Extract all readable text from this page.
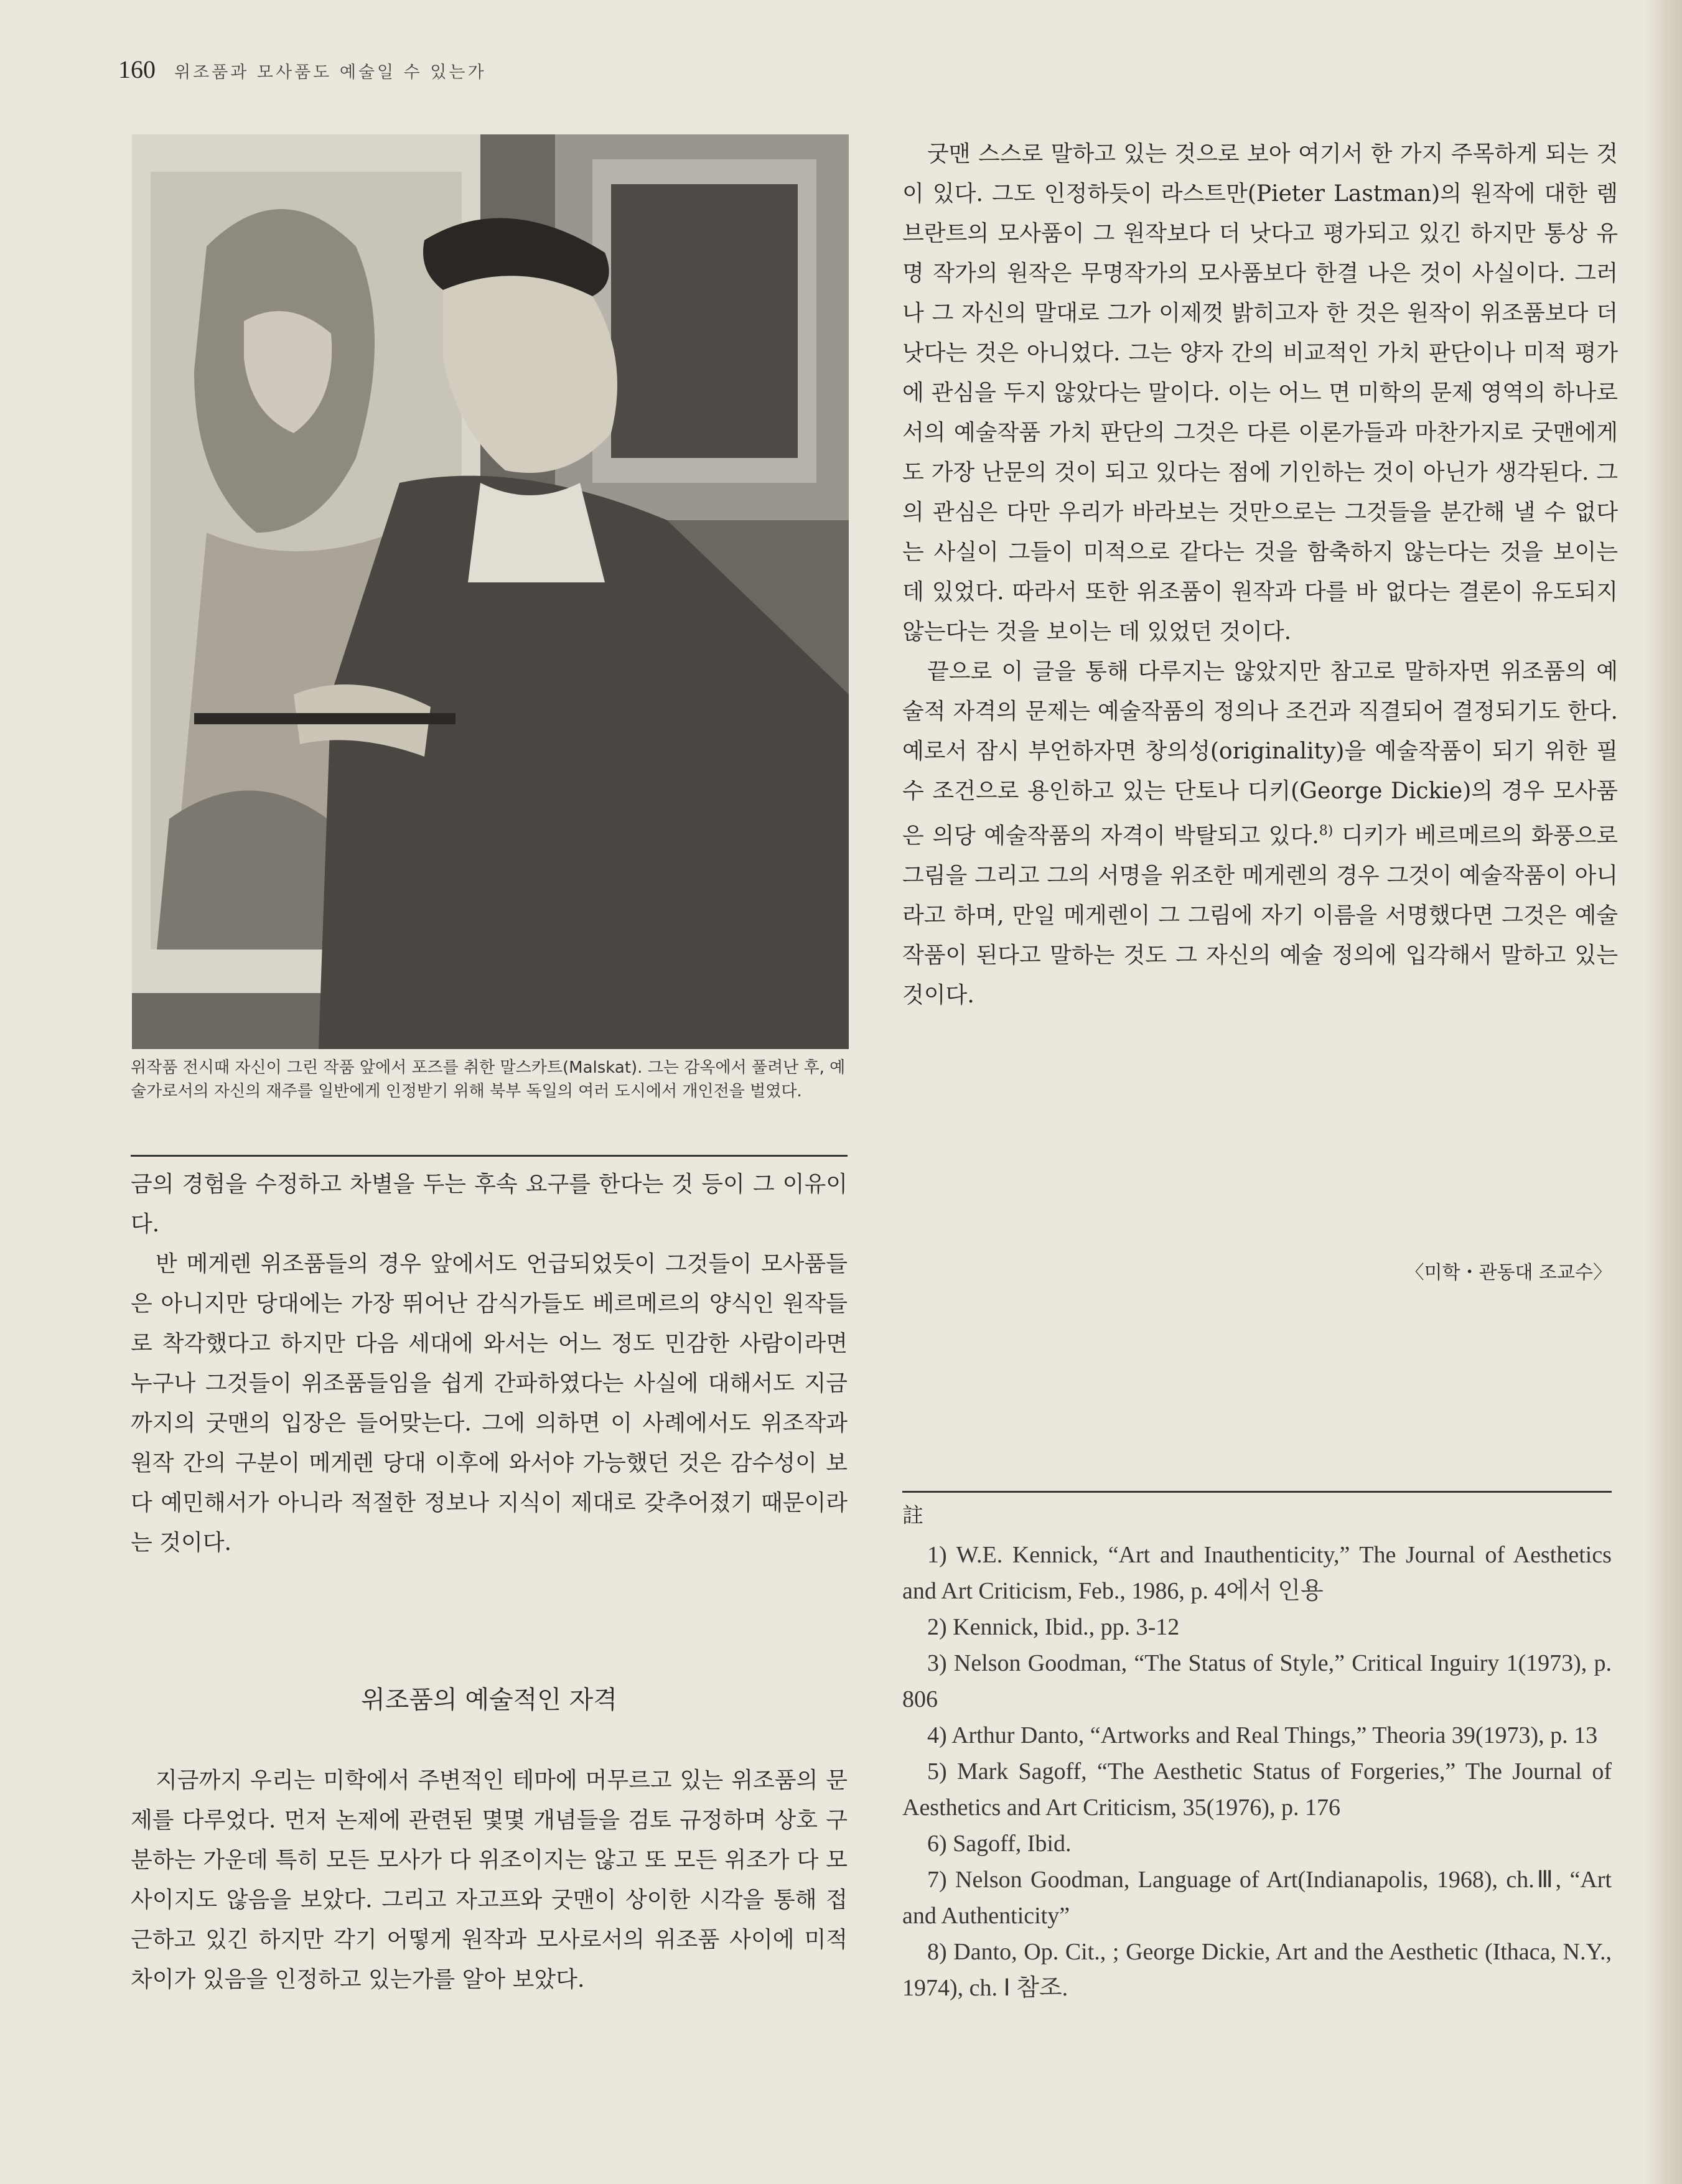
160 위조품과 모사품도 예술일 수 있는가
위작품 전시때 자신이 그린 작품 앞에서 포즈를 취한 말스카트(Malskat). 그는 감옥에서 풀려난 후, 예술가로서의 자신의 재주를 일반에게 인정받기 위해 북부 독일의 여러 도시에서 개인전을 벌였다.

금의 경험을 수정하고 차별을 두는 후속 요구를 한다는 것 등이 그 이유이다.

반 메게렌 위조품들의 경우 앞에서도 언급되었듯이 그것들이 모사품들은 아니지만 당대에는 가장 뛰어난 감식가들도 베르메르의 양식인 원작들로 착각했다고 하지만 다음 세대에 와서는 어느 정도 민감한 사람이라면 누구나 그것들이 위조품들임을 쉽게 간파하였다는 사실에 대해서도 지금까지의 굿맨의 입장은 들어맞는다. 그에 의하면 이 사례에서도 위조작과 원작 간의 구분이 메게렌 당대 이후에 와서야 가능했던 것은 감수성이 보다 예민해서가 아니라 적절한 정보나 지식이 제대로 갖추어졌기 때문이라는 것이다.

위조품의 예술적인 자격

지금까지 우리는 미학에서 주변적인 테마에 머무르고 있는 위조품의 문제를 다루었다. 먼저 논제에 관련된 몇몇 개념들을 검토 규정하며 상호 구분하는 가운데 특히 모든 모사가 다 위조이지는 않고 또 모든 위조가 다 모사이지도 않음을 보았다. 그리고 자고프와 굿맨이 상이한 시각을 통해 접근하고 있긴 하지만 각기 어떻게 원작과 모사로서의 위조품 사이에 미적 차이가 있음을 인정하고 있는가를 알아 보았다.

굿맨 스스로 말하고 있는 것으로 보아 여기서 한 가지 주목하게 되는 것이 있다. 그도 인정하듯이 라스트만(Pieter Lastman)의 원작에 대한 렘브란트의 모사품이 그 원작보다 더 낫다고 평가되고 있긴 하지만 통상 유명 작가의 원작은 무명작가의 모사품보다 한결 나은 것이 사실이다. 그러나 그 자신의 말대로 그가 이제껏 밝히고자 한 것은 원작이 위조품보다 더 낫다는 것은 아니었다. 그는 양자 간의 비교적인 가치 판단이나 미적 평가에 관심을 두지 않았다는 말이다. 이는 어느 면 미학의 문제 영역의 하나로서의 예술작품 가치 판단의 그것은 다른 이론가들과 마찬가지로 굿맨에게도 가장 난문의 것이 되고 있다는 점에 기인하는 것이 아닌가 생각된다. 그의 관심은 다만 우리가 바라보는 것만으로는 그것들을 분간해 낼 수 없다는 사실이 그들이 미적으로 같다는 것을 함축하지 않는다는 것을 보이는 데 있었다. 따라서 또한 위조품이 원작과 다를 바 없다는 결론이 유도되지 않는다는 것을 보이는 데 있었던 것이다.

끝으로 이 글을 통해 다루지는 않았지만 참고로 말하자면 위조품의 예술적 자격의 문제는 예술작품의 정의나 조건과 직결되어 결정되기도 한다. 예로서 잠시 부언하자면 창의성(originality)을 예술작품이 되기 위한 필수 조건으로 용인하고 있는 단토나 디키(George Dickie)의 경우 모사품은 의당 예술작품의 자격이 박탈되고 있다.$^{8)}$ 디키가 베르메르의 화풍으로 그림을 그리고 그의 서명을 위조한 메게렌의 경우 그것이 예술작품이 아니라고 하며, 만일 메게렌이 그 그림에 자기 이름을 서명했다면 그것은 예술작품이 된다고 말하는 것도 그 자신의 예술 정의에 입각해서 말하고 있는 것이다.

〈미학・관동대 조교수〉
註

1) W.E. Kennick, “Art and Inauthenticity,” The Journal of Aesthetics and Art Criticism, Feb., 1986, p. 4에서 인용

2) Kennick, Ibid., pp. 3-12

3) Nelson Goodman, “The Status of Style,” Critical Inguiry 1(1973), p. 806

4) Arthur Danto, “Artworks and Real Things,” Theoria 39(1973), p. 13

5) Mark Sagoff, “The Aesthetic Status of Forgeries,” The Journal of Aesthetics and Art Criticism, 35(1976), p. 176

6) Sagoff, Ibid.

7) Nelson Goodman, Language of Art(Indianapolis, 1968), ch.Ⅲ, “Art and Authenticity”

8) Danto, Op. Cit., ; George Dickie, Art and the Aesthetic (Ithaca, N.Y., 1974), ch. Ⅰ 참조.
